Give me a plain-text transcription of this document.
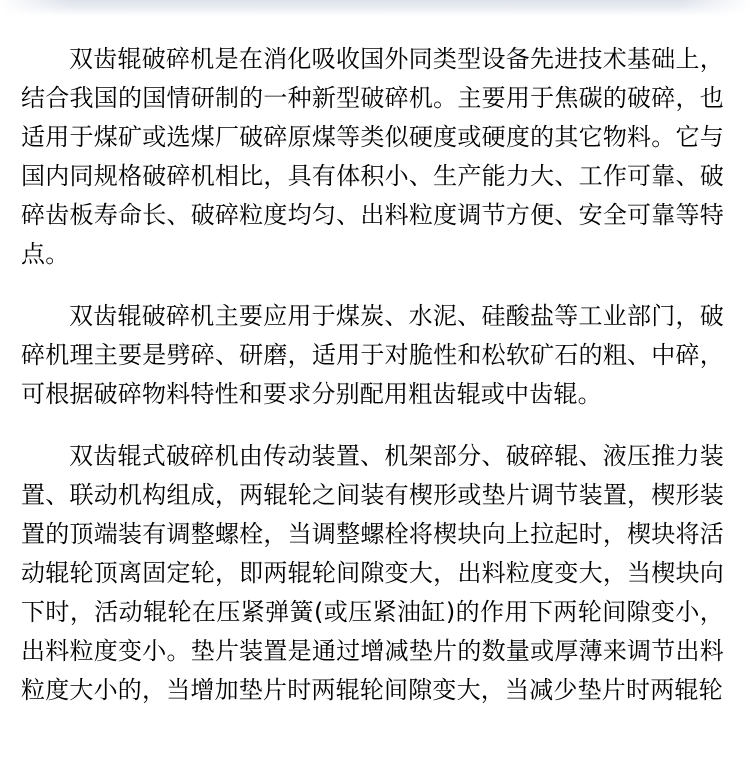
双齿辊破碎机是在消化吸收国外同类型设备先进技术基础上，结合我国的国情研制的一种新型破碎机。主要用于焦碳的破碎，也适用于煤矿或选煤厂破碎原煤等类似硬度或硬度的其它物料。它与国内同规格破碎机相比，具有体积小、生产能力大、工作可靠、破碎齿板寿命长、破碎粒度均匀、出料粒度调节方便、安全可靠等特点。

双齿辊破碎机主要应用于煤炭、水泥、硅酸盐等工业部门，破碎机理主要是劈碎、研磨，适用于对脆性和松软矿石的粗、中碎，可根据破碎物料特性和要求分别配用粗齿辊或中齿辊。

双齿辊式破碎机由传动装置、机架部分、破碎辊、液压推力装置、联动机构组成，两辊轮之间装有楔形或垫片调节装置，楔形装置的顶端装有调整螺栓，当调整螺栓将楔块向上拉起时，楔块将活动辊轮顶离固定轮，即两辊轮间隙变大，出料粒度变大，当楔块向下时，活动辊轮在压紧弹簧(或压紧油缸)的作用下两轮间隙变小，出料粒度变小。垫片装置是通过增减垫片的数量或厚薄来调节出料粒度大小的，当增加垫片时两辊轮间隙变大，当减少垫片时两辊轮
